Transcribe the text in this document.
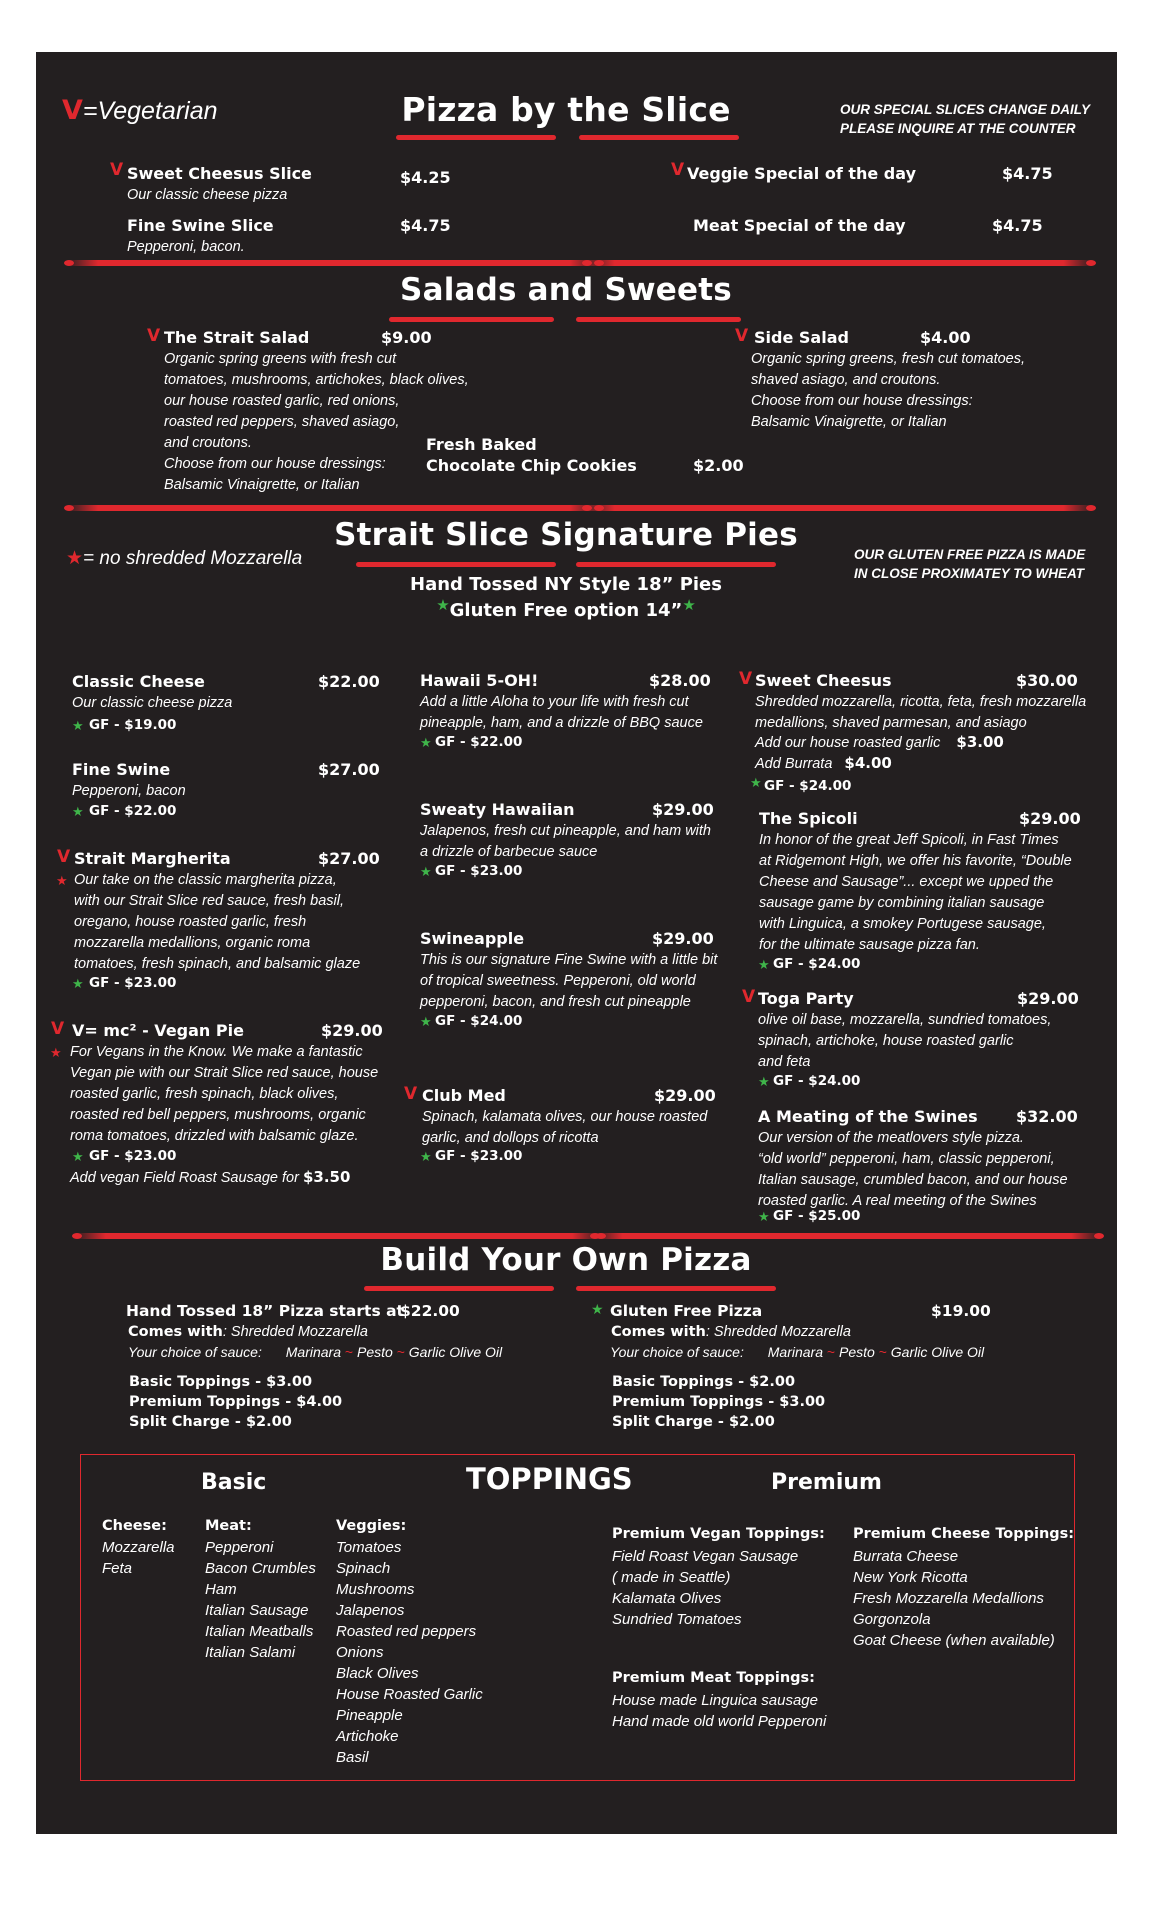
V=Vegetarian	Pizza by the Slice	OUR SPECIAL SLICES CHANGE DAILY
PLEASE INQUIRE AT THE COUNTER
V Sweet Cheesus Slice	$4.25
Our classic cheese pizza
Fine Swine Slice	$4.75
Pepperoni, bacon.
V Veggie Special of the day	$4.75
Meat Special of the day	$4.75
Salads and Sweets
V The Strait Salad	$9.00
Organic spring greens with fresh cut
tomatoes, mushrooms, artichokes, black olives,
our house roasted garlic, red onions,
roasted red peppers, shaved asiago,
and croutons.
Choose from our house dressings:
Balsamic Vinaigrette, or Italian
Fresh Baked
Chocolate Chip Cookies	$2.00
V Side Salad	$4.00
Organic spring greens, fresh cut tomatoes,
shaved asiago, and croutons.
Choose from our house dressings:
Balsamic Vinaigrette, or Italian
★= no shredded Mozzarella
Strait Slice Signature Pies
OUR GLUTEN FREE PIZZA IS MADE
IN CLOSE PROXIMATEY TO WHEAT
Hand Tossed NY Style 18” Pies
★Gluten Free option 14”★
Classic Cheese	$22.00
Our classic cheese pizza
★ GF - $19.00
Fine Swine	$27.00
Pepperoni, bacon
★ GF - $22.00
V Strait Margherita	$27.00
★ Our take on the classic margherita pizza,
with our Strait Slice red sauce, fresh basil,
oregano, house roasted garlic, fresh
mozzarella medallions, organic roma
tomatoes, fresh spinach, and balsamic glaze
★ GF - $23.00
V V= mc² - Vegan Pie	$29.00
★ For Vegans in the Know. We make a fantastic
Vegan pie with our Strait Slice red sauce, house
roasted garlic, fresh spinach, black olives,
roasted red bell peppers, mushrooms, organic
roma tomatoes, drizzled with balsamic glaze.
★ GF - $23.00
Add vegan Field Roast Sausage for $3.50
Hawaii 5-OH!	$28.00
Add a little Aloha to your life with fresh cut
pineapple, ham, and a drizzle of BBQ sauce
★ GF - $22.00
Sweaty Hawaiian	$29.00
Jalapenos, fresh cut pineapple, and ham with
a drizzle of barbecue sauce
★ GF - $23.00
Swineapple	$29.00
This is our signature Fine Swine with a little bit
of tropical sweetness. Pepperoni, old world
pepperoni, bacon, and fresh cut pineapple
★ GF - $24.00
V Club Med	$29.00
Spinach, kalamata olives, our house roasted
garlic, and dollops of ricotta
★ GF - $23.00
V Sweet Cheesus	$30.00
Shredded mozzarella, ricotta, feta, fresh mozzarella
medallions, shaved parmesan, and asiago
Add our house roasted garlic $3.00
Add Burrata $4.00
★ GF - $24.00
The Spicoli	$29.00
In honor of the great Jeff Spicoli, in Fast Times
at Ridgemont High, we offer his favorite, “Double
Cheese and Sausage”... except we upped the
sausage game by combining italian sausage
with Linguica, a smokey Portugese sausage,
for the ultimate sausage pizza fan.
★ GF - $24.00
V Toga Party	$29.00
olive oil base, mozzarella, sundried tomatoes,
spinach, artichoke, house roasted garlic
and feta
★ GF - $24.00
A Meating of the Swines $32.00
Our version of the meatlovers style pizza.
“old world” pepperoni, ham, classic pepperoni,
Italian sausage, crumbled bacon, and our house
roasted garlic. A real meeting of the Swines
★ GF - $25.00
Build Your Own Pizza
Hand Tossed 18” Pizza starts at
$22.00
Comes with: Shredded Mozzarella
Your choice of sauce: Marinara ~ Pesto ~ Garlic Olive Oil
Basic Toppings - $3.00
Premium Toppings - $4.00
Split Charge - $2.00
★ Gluten Free Pizza	$19.00
Comes with: Shredded Mozzarella
Your choice of sauce: Marinara ~ Pesto ~ Garlic Olive Oil
Basic Toppings - $2.00
Premium Toppings - $3.00
Split Charge - $2.00
Basic	TOPPINGS	Premium
Cheese:
Mozzarella
Feta
Meat:
Pepperoni
Bacon Crumbles
Ham
Italian Sausage
Italian Meatballs
Italian Salami
Veggies:
Tomatoes
Spinach
Mushrooms
Jalapenos
Roasted red peppers
Onions
Black Olives
House Roasted Garlic
Pineapple
Artichoke
Basil
Premium Vegan Toppings:
Field Roast Vegan Sausage
( made in Seattle)
Kalamata Olives
Sundried Tomatoes
Premium Meat Toppings:
House made Linguica sausage
Hand made old world Pepperoni
Premium Cheese Toppings:
Burrata Cheese
New York Ricotta
Fresh Mozzarella Medallions
Gorgonzola
Goat Cheese (when available)
